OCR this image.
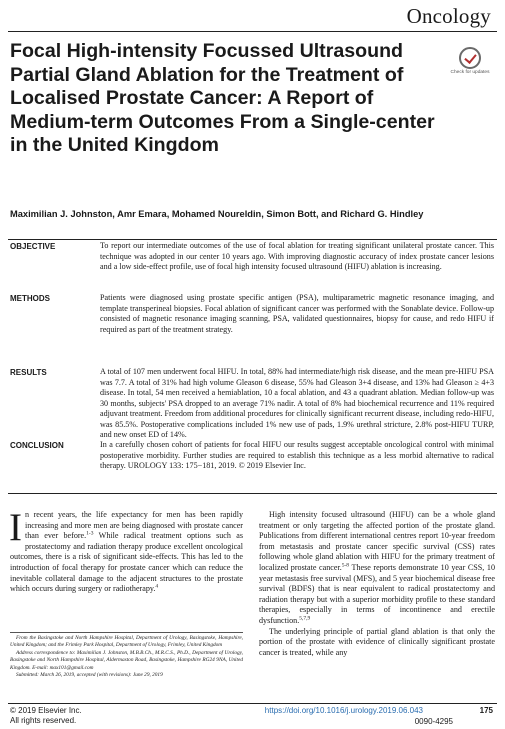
Oncology
Focal High-intensity Focussed Ultrasound Partial Gland Ablation for the Treatment of Localised Prostate Cancer: A Report of Medium-term Outcomes From a Single-center in the United Kingdom
Check for updates
Maximilian J. Johnston, Amr Emara, Mohamed Noureldin, Simon Bott, and Richard G. Hindley
OBJECTIVE	To report our intermediate outcomes of the use of focal ablation for treating significant unilateral prostate cancer. This technique was adopted in our center 10 years ago. With improving diagnostic accuracy of index prostate cancer lesions and a low side-effect profile, use of focal high intensity focused ultrasound (HIFU) ablation is increasing.
METHODS	Patients were diagnosed using prostate specific antigen (PSA), multiparametric magnetic resonance imaging, and template transperineal biopsies. Focal ablation of significant cancer was performed with the Sonablate device. Follow-up consisted of magnetic resonance imaging scanning, PSA, validated questionnaires, biopsy for cause, and redo HIFU if required as part of the treatment strategy.
RESULTS	A total of 107 men underwent focal HIFU. In total, 88% had intermediate/high risk disease, and the mean pre-HIFU PSA was 7.7. A total of 31% had high volume Gleason 6 disease, 55% had Gleason 3+4 disease, and 13% had Gleason ≥ 4+3 disease. In total, 54 men received a hemiablation, 10 a focal ablation, and 43 a quadrant ablation. Median follow-up was 30 months, subjects' PSA dropped to an average 71% nadir. A total of 8% had biochemical recurrence and 11% required adjuvant treatment. Freedom from additional procedures for clinically significant recurrent disease, including redo-HIFU, was 85.5%. Postoperative complications included 1% new use of pads, 1.9% urethral stricture, 2.8% post-HIFU TURP, and new onset ED of 14%.
CONCLUSION	In a carefully chosen cohort of patients for focal HIFU our results suggest acceptable oncological control with minimal postoperative morbidity. Further studies are required to establish this technique as a less morbid alternative to radical therapy. UROLOGY 133: 175−181, 2019. © 2019 Elsevier Inc.
In recent years, the life expectancy for men has been rapidly increasing and more men are being diagnosed with prostate cancer than ever before.$^{1-3}$ While radical treatment options such as prostatectomy and radiation therapy produce excellent oncological outcomes, there is a risk of significant side-effects. This has led to the introduction of focal therapy for prostate cancer which can reduce the inevitable collateral damage to the adjacent structures to the prostate which occurs during surgery or radiotherapy.$^4$

From the Basingstoke and North Hampshire Hospital, Department of Urology, Basingstoke, Hampshire, United Kingdom; and the Frimley Park Hospital, Department of Urology, Frimley, United Kingdom

Address correspondence to: Maximilian J. Johnston, M.B.B.Ch., M.R.C.S., Ph.D., Department of Urology, Basingstoke and North Hampshire Hospital, Aldermaston Road, Basingstoke, Hampshire RG24 9NA, United Kingdom. E-mail: max101@gmail.com

Submitted: March 26, 2019, accepted (with revisions): June 29, 2019

High intensity focused ultrasound (HIFU) can be a whole gland treatment or only targeting the affected portion of the prostate gland. Publications from different international centres report 10-year freedom from metastasis and prostate cancer specific survival (CSS) rates following whole gland ablation with HIFU for the primary treatment of localized prostate cancer.$^{5-8}$ These reports demonstrate 10 year CSS, 10 year metastasis free survival (MFS), and 5 year biochemical disease free survival (BDFS) that is near equivalent to radical prostatectomy and radiation therapy but with a superior morbidity profile to these standard therapies, especially in terms of incontinence and erectile dysfunction.$^{5,7,9}$

The underlying principle of partial gland ablation is that only the portion of the prostate with evidence of clinically significant prostate cancer is treated, while any

© 2019 Elsevier Inc.
All rights reserved.
https://doi.org/10.1016/j.urology.2019.06.043	175
0090-4295
